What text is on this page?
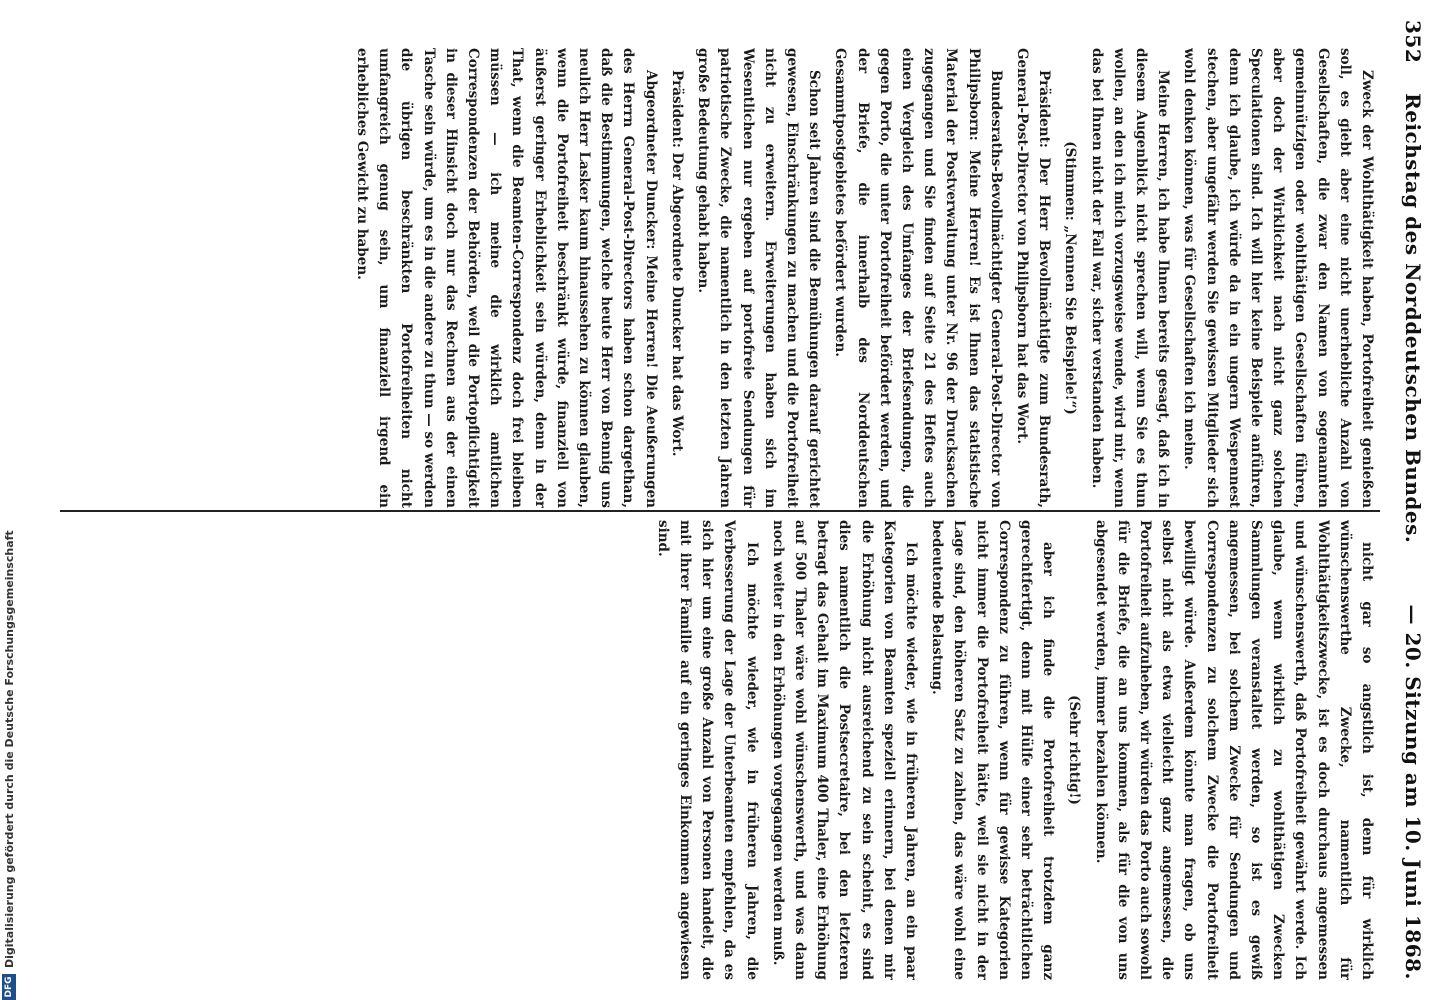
352    Reichstag des Norddeutschen Bundes.
— 20. Sitzung am 10. Juni 1868.

Zweck der Wohlthätigkeit haben, Portofreiheit genießen soll, es giebt aber eine nicht unerhebliche Anzahl von Gesellschaften, die zwar den Namen von sogenannten gemeinnützigen oder wohlthätigen Gesellschaften führen, aber doch der Wirklichkeit nach nicht ganz solchen Speculationen sind. Ich will hier keine Beispiele anführen, denn ich glaube, ich würde da in ein ungern Wespennest stechen, aber ungefähr werden Sie gewissen Mitglieder sich wohl denken können, was für Gesellschaften ich meine.

Meine Herren, ich habe Ihnen bereits gesagt, daß ich in diesem Augenblick nicht sprechen will, wenn Sie es thun wollen, an den ich mich vorzugsweise wende, wird mir, wenn das bei Ihnen nicht der Fall war, sicher verstanden haben.

(Stimmen: „Nennen Sie Beispiele!“)

Präsident: Der Herr Bevollmächtigte zum Bundesrath, General-Post-Director von Philipsborn hat das Wort.

Bundesraths-Bevollmächtigter General-Post-Director von Philipsborn: Meine Herren! Es ist Ihnen das statistische Material der Postverwaltung unter Nr. 96 der Drucksachen zugegangen und Sie finden auf Seite 21 des Heftes auch einen Vergleich des Umfanges der Briefsendungen, die gegen Porto, die unter Portofreiheit befördert werden, und der Briefe, die innerhalb des Norddeutschen Gesammtpostgebietes befördert wurden.

Schon seit Jahren sind die Bemühungen darauf gerichtet gewesen, Einschränkungen zu machen und die Portofreiheit nicht zu erweitern. Erweiterungen haben sich im Wesentlichen nur ergeben auf portofreie Sendungen für patriotische Zwecke, die namentlich in den letzten Jahren große Bedeutung gehabt haben.

Präsident: Der Abgeordnete Duncker hat das Wort.

Abgeordneter Duncker: Meine Herren! Die Aeußerungen des Herrn General-Post-Directors haben schon dargethan, daß die Bestimmungen, welche heute Herr von Bennig uns neulich Herr Lasker kaum hinaussehen zu können glauben, wenn die Portofreiheit beschränkt würde, finanziell von äußerst geringer Erheblichkeit sein würden, denn in der That, wenn die Beamten-Correspondenz doch frei bleiben müssen — ich meine die wirklich amtlichen Correspondenzen der Behörden, weil die Portopflichtigkeit in dieser Hinsicht doch nur das Rechnen aus der einen Tasche sein würde, um es in die andere zu thun — so werden die übrigen beschränkten Portofreiheiten nicht umfangreich genug sein, um finanziell irgend ein erhebliches Gewicht zu haben.

nicht gar so angstlich ist, denn für wirklich wünschenswerthe Zwecke, namentlich für Wohlthätigkeitszwecke, ist es doch durchaus angemessen und wünschenswerth, daß Portofreiheit gewährt werde. Ich glaube, wenn wirklich zu wohlthätigen Zwecken Sammlungen veranstaltet werden, so ist es gewiß angemessen, bei solchem Zwecke für Sendungen und Correspondenzen zu solchem Zwecke die Portofreiheit bewilligt würde. Außerdem könnte man fragen, ob uns selbst nicht als etwa vielleicht ganz angemessen, die Portofreiheit aufzuheben, wir würden das Porto auch sowohl für die Briefe, die an uns kommen, als für die von uns abgesendet werden, immer bezahlen können.

(Sehr richtig!)

aber ich finde die Portofreiheit trotzdem ganz gerechtfertigt, denn mit Hülfe einer sehr beträchtlichen Correspondenz zu führen, wenn für gewisse Kategorien nicht immer die Portofreiheit hätte, weil sie nicht in der Lage sind, den höheren Satz zu zahlen, das wäre wohl eine bedeutende Belastung.

Ich möchte wieder, wie in früheren Jahren, an ein paar Kategorien von Beamten speziell erinnern, bei denen mir die Erhöhung nicht ausreichend zu sein scheint, es sind dies namentlich die Postsecretaire, bei den letzteren betragt das Gehalt im Maximum 400 Thaler, eine Erhöhung auf 500 Thaler wäre wohl wünschenswerth, und was dann noch weiter in den Erhöhungen vorgegangen werden muß.

Ich möchte wieder, wie in früheren Jahren, die Verbesserung der Lage der Unterbeamten empfehlen, da es sich hier um eine große Anzahl von Personen handelt, die mit ihrer Familie auf ein geringes Einkommen angewiesen sind.

DFG
Digitalisierung gefördert durch die Deutsche Forschungsgemeinschaft
